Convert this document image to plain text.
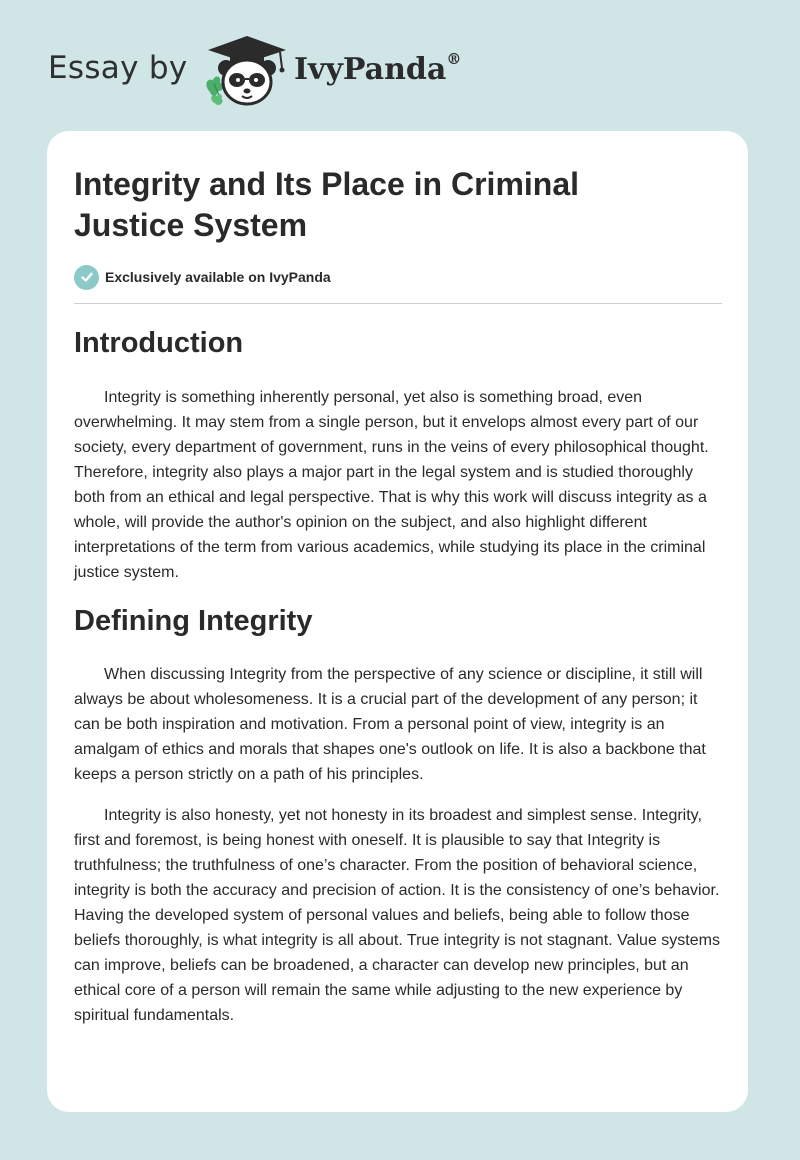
Essay by	IvyPanda®
Integrity and Its Place in Criminal Justice System
Exclusively available on IvyPanda
Introduction

Integrity is something inherently personal, yet also is something broad, even overwhelming. It may stem from a single person, but it envelops almost every part of our society, every department of government, runs in the veins of every philosophical thought. Therefore, integrity also plays a major part in the legal system and is studied thoroughly both from an ethical and legal perspective. That is why this work will discuss integrity as a whole, will provide the author's opinion on the subject, and also highlight different interpretations of the term from various academics, while studying its place in the criminal justice system.

Defining Integrity

When discussing Integrity from the perspective of any science or discipline, it still will always be about wholesomeness. It is a crucial part of the development of any person; it can be both inspiration and motivation. From a personal point of view, integrity is an amalgam of ethics and morals that shapes one's outlook on life. It is also a backbone that keeps a person strictly on a path of his principles.

Integrity is also honesty, yet not honesty in its broadest and simplest sense. Integrity, first and foremost, is being honest with oneself. It is plausible to say that Integrity is truthfulness; the truthfulness of one’s character. From the position of behavioral science, integrity is both the accuracy and precision of action. It is the consistency of one’s behavior. Having the developed system of personal values and beliefs, being able to follow those beliefs thoroughly, is what integrity is all about. True integrity is not stagnant. Value systems can improve, beliefs can be broadened, a character can develop new principles, but an ethical core of a person will remain the same while adjusting to the new experience by spiritual fundamentals.
